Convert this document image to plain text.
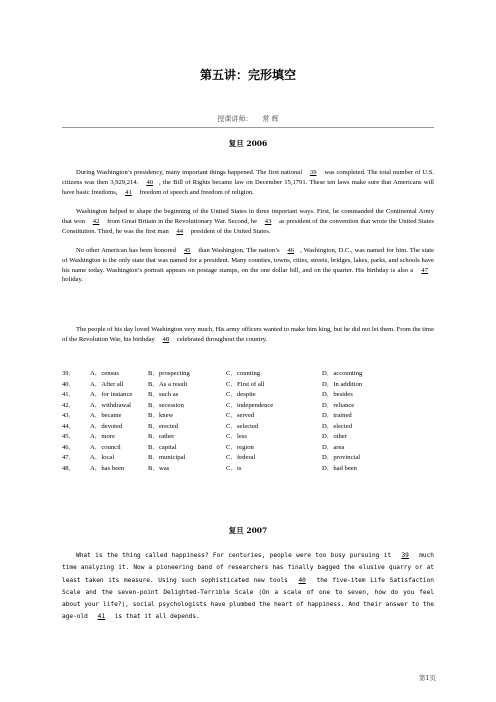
第五讲：完形填空
授课讲师： 常 辉
复旦 2006
During Washington’s presidency, many important things happened. The first national 39 was completed. The total number of U.S. citizens was then 3,929,214. 40 , the Bill of Rights became law on December 15,1791. These ten laws make sure that Americans will have basic freedoms, 41 freedom of speech and freedom of religion.
Washington helped to shape the beginning of the United States in three important ways. First, he commanded the Continental Army that won 42 from Great Britain in the Revolutionary War. Second, he 43 as president of the convention that wrote the United States Constitution. Third, he was the first man 44 president of the United States.
No other American has been honored 45 than Washington. The nation’s 46 , Washington, D.C., was named for him. The state of Washington is the only state that was named for a president. Many counties, towns, cities, streets, bridges, lakes, parks, and schools have his name today. Washington’s portrait appears on postage stamps, on the one dollar bill, and on the quarter. His birthday is also a 47 holiday.
The people of his day loved Washington very much, His army officers wanted to make him king, but he did not let them. From the time of the Revolution War, his birthday 48 celebrated throughout the country.
39． A．census	B．prospecting	C．counting	D．accounting
40． A．After all	B．As a result	C．First of all	D．In addition
41． A．for instance B．such as	C．despite	D．besides
42． A．withdrawal	B．secession	C．independence	D．reliance
43． A．became	B．knew	C．served	D．trained
44． A．devoted	B．erected	C．selected	D．elected
45． A．more	B．rather	C．less	D．other
46． A．council	B．capital	C．region	D．area
47． A．local	B．municipal	C．federal	D．provincial
48． A．has been	B．was	C．is	D．had been
复旦 2007
What is the thing called happiness? For centuries, people were too busy pursuing it 39 much time analyzing it. Now a pioneering band of researchers has finally bagged the elusive quarry or at least taken its measure. Using such sophisticated new tools 40 the five-item Life Satisfaction Scale and the seven-point Delighted-Terrible Scale (On a scale of one to seven, how do you feel about your life?), social psychologists have plumbed the heart of happiness. And their answer to the age-old 41 is that it all depends.
第1页
